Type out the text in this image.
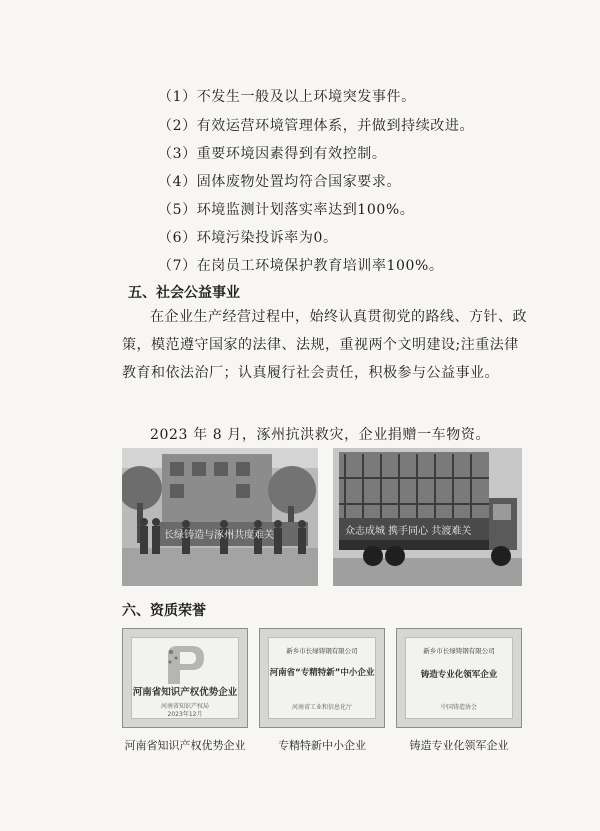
（1）不发生一般及以上环境突发事件。
（2）有效运营环境管理体系，并做到持续改进。
（3）重要环境因素得到有效控制。
（4）固体废物处置均符合国家要求。
（5）环境监测计划落实率达到100%。
（6）环境污染投诉率为0。
（7）在岗员工环境保护教育培训率100%。
五、社会公益事业
在企业生产经营过程中，始终认真贯彻党的路线、方针、政策，模范遵守国家的法律、法规，重视两个文明建设;注重法律教育和依法治厂；认真履行社会责任，积极参与公益事业。
2023 年 8 月，涿州抗洪救灾，企业捐赠一车物资。
长绿铸造与涿州共度难关	众志成城 携手同心 共渡难关
六、资质荣誉
河南省知识产权优势企业
河南省知识产权局
2023年12月
河南省知识产权优势企业
新乡市长绿铸钢有限公司
河南省“专精特新”中小企业
河南省工业和信息化厅
专精特新中小企业
新乡市长绿铸钢有限公司
铸造专业化领军企业
中国铸造协会
铸造专业化领军企业
